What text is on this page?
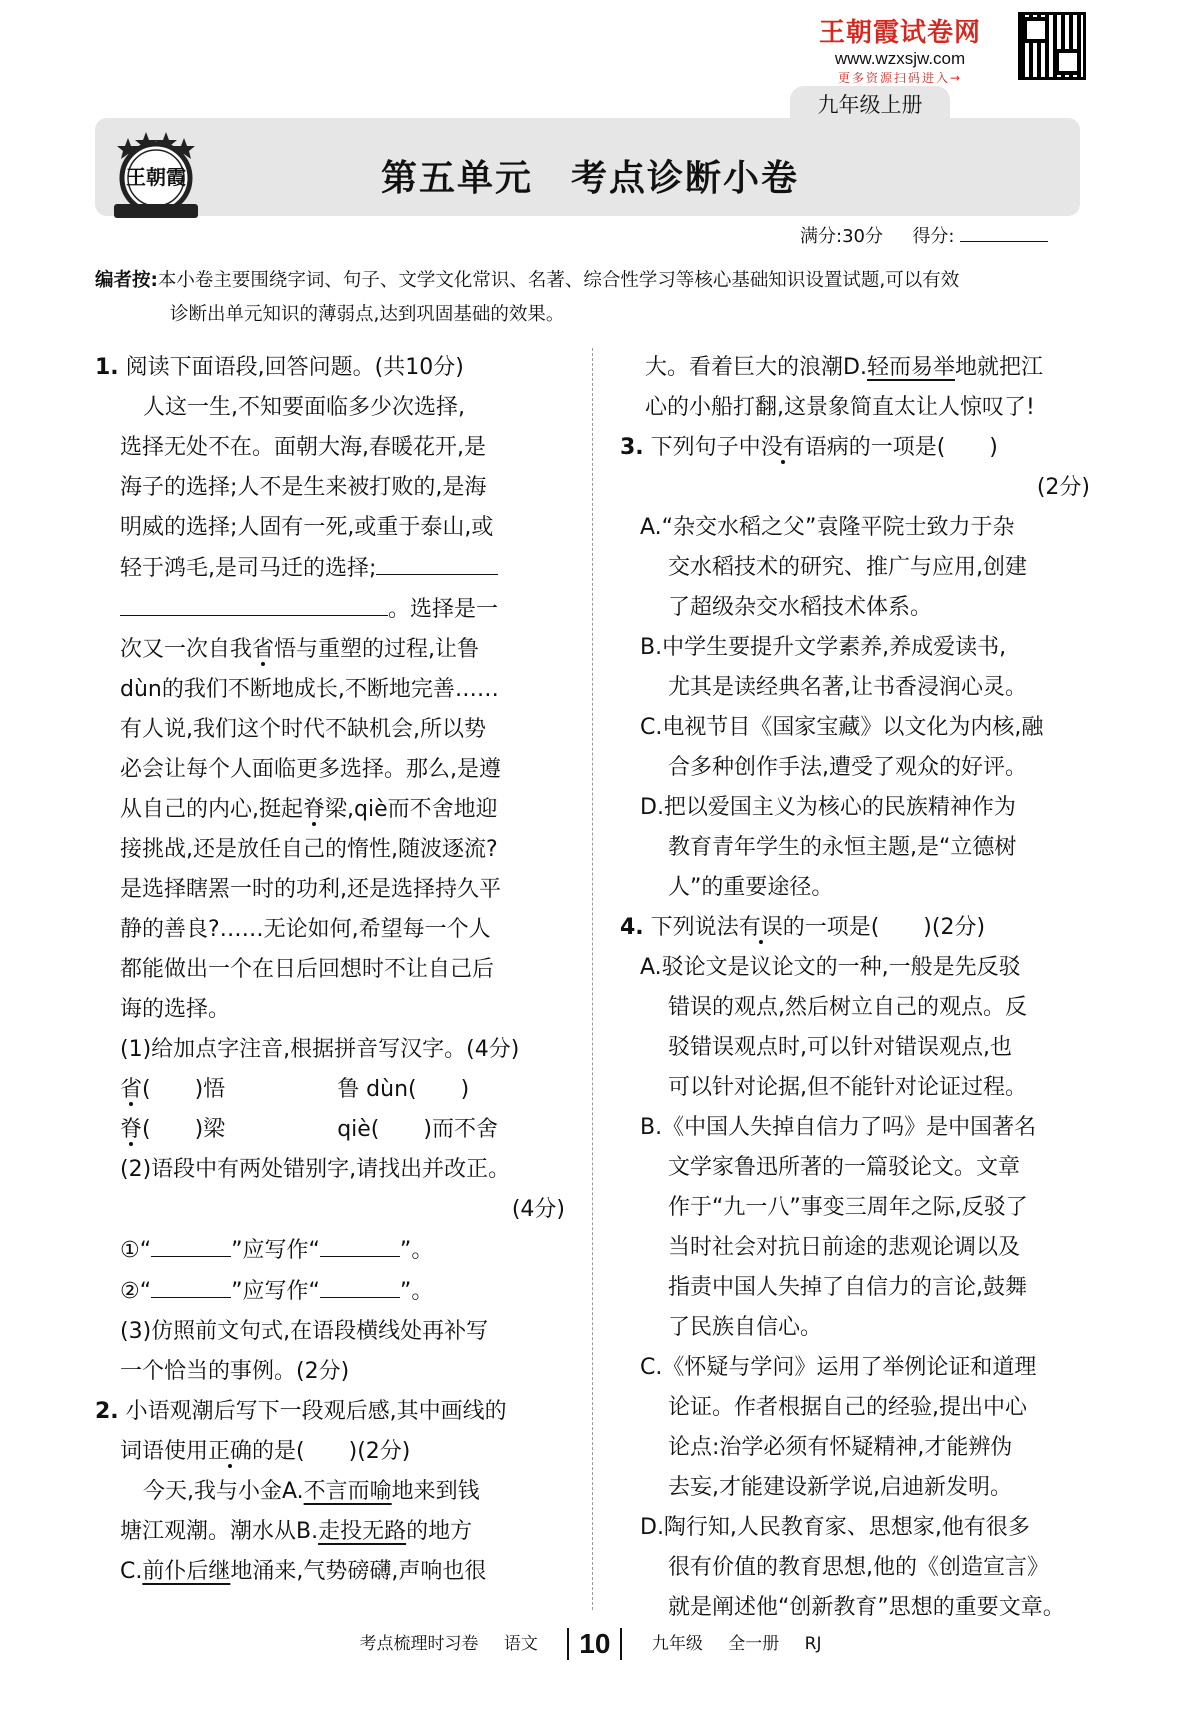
王朝霞试卷网
www.wzxsjw.com
更多资源扫码进入→
九年级上册
王朝霞	第五单元　考点诊断小卷
满分:30分 得分:
编者按:本小卷主要围绕字词、句子、文学文化常识、名著、综合性学习等核心基础知识设置试题,可以有效
诊断出单元知识的薄弱点,达到巩固基础的效果。
1. 阅读下面语段,回答问题。(共10分)
人这一生,不知要面临多少次选择,
选择无处不在。面朝大海,春暖花开,是
海子的选择;人不是生来被打败的,是海
明威的选择;人固有一死,或重于泰山,或
轻于鸿毛,是司马迁的选择;
。选择是一
次又一次自我省悟与重塑的过程,让鲁
dùn的我们不断地成长,不断地完善……
有人说,我们这个时代不缺机会,所以势
必会让每个人面临更多选择。那么,是遵
从自己的内心,挺起脊梁,qiè而不舍地迎
接挑战,还是放任自己的惰性,随波逐流?
是选择瞎罴一时的功利,还是选择持久平
静的善良?……无论如何,希望每一个人
都能做出一个在日后回想时不让自己后
诲的选择。
(1)给加点字注音,根据拼音写汉字。(4分)
省(　　)悟	鲁 dùn(　　)
脊(　　)梁	qiè(　　)而不舍
(2)语段中有两处错别字,请找出并改正。
(4分)
①“	”应写作“	”。
②“	”应写作“	”。
(3)仿照前文句式,在语段横线处再补写
一个恰当的事例。(2分)
2. 小语观潮后写下一段观后感,其中画线的
词语使用正确的是(　　)(2分)
今天,我与小金A.不言而喻地来到钱
塘江观潮。潮水从B.走投无路的地方
C.前仆后继地涌来,气势磅礴,声响也很
大。看着巨大的浪潮D.轻而易举地就把江
心的小船打翻,这景象简直太让人惊叹了!
3. 下列句子中没有语病的一项是(　　)
(2分)
A.“杂交水稻之父”袁隆平院士致力于杂
交水稻技术的研究、推广与应用,创建
了超级杂交水稻技术体系。
B.中学生要提升文学素养,养成爱读书,
尤其是读经典名著,让书香浸润心灵。
C.电视节目《国家宝藏》以文化为内核,融
合多种创作手法,遭受了观众的好评。
D.把以爱国主义为核心的民族精神作为
教育青年学生的永恒主题,是“立德树
人”的重要途径。
4. 下列说法有误的一项是(　　)(2分)
A.驳论文是议论文的一种,一般是先反驳
错误的观点,然后树立自己的观点。反
驳错误观点时,可以针对错误观点,也
可以针对论据,但不能针对论证过程。
B.《中国人失掉自信力了吗》是中国著名
文学家鲁迅所著的一篇驳论文。文章
作于“九一八”事变三周年之际,反驳了
当时社会对抗日前途的悲观论调以及
指责中国人失掉了自信力的言论,鼓舞
了民族自信心。
C.《怀疑与学问》运用了举例论证和道理
论证。作者根据自己的经验,提出中心
论点:治学必须有怀疑精神,才能辨伪
去妄,才能建设新学说,启迪新发明。
D.陶行知,人民教育家、思想家,他有很多
很有价值的教育思想,他的《创造宣言》
就是阐述他“创新教育”思想的重要文章。
考点梳理时习卷 语文 10 九年级 全一册 RJ
